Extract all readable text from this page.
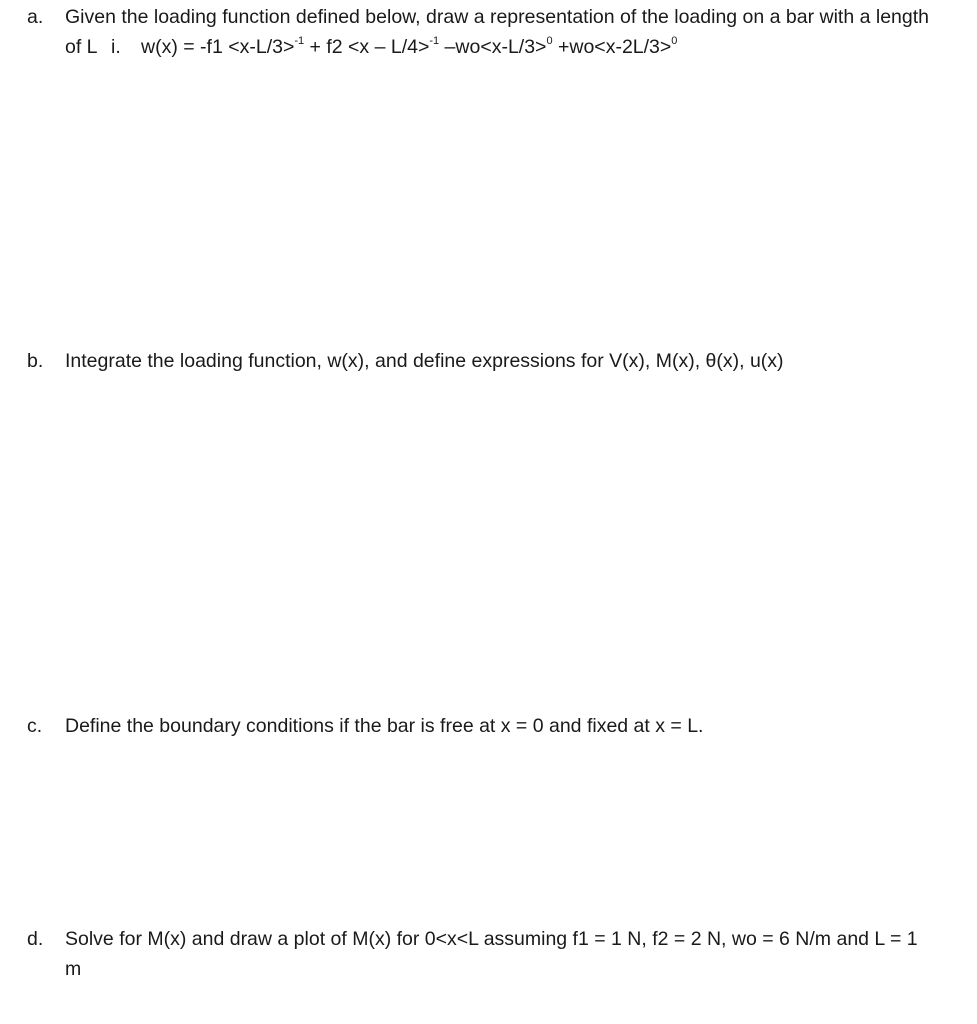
a. Given the loading function defined below, draw a representation of the loading on a bar with a length of L i. w(x) = -f1 <x-L/3>$^{-1}$ + f2 <x – L/4>$^{-1}$ –wo<x-L/3>$^0$ +wo<x-2L/3>$^0$
b. Integrate the loading function, w(x), and define expressions for V(x), M(x), θ(x), u(x)
c. Define the boundary conditions if the bar is free at x = 0 and fixed at x = L.
d. Solve for M(x) and draw a plot of M(x) for 0<x<L assuming f1 = 1 N, f2 = 2 N, wo = 6 N/m and L = 1 m
